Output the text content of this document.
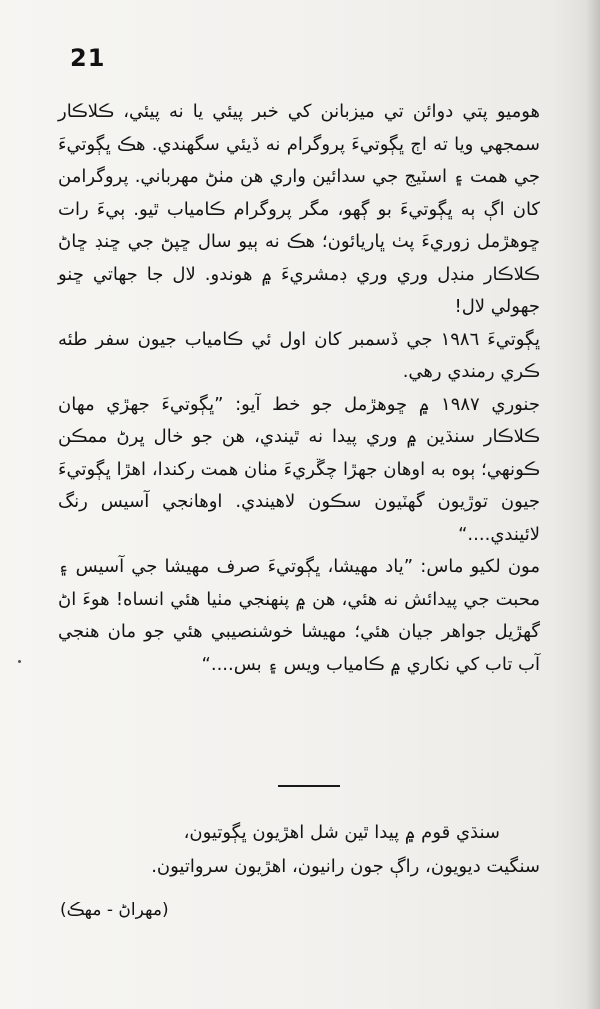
21

هوميو پتي دوائن تي ميزبانن کي خبر پيئي يا نه پيئي، ڪلاڪار سمجهي ويا ته اڄ ڀڳوتيءَ پروگرام نه ڏيئي سگهندي. هڪ ڀڳوتيءَ جي همت ۽ اسٽيج جي سدائين واري هن مٺڻ مهرباني. پروگرامن کان اڳ ٻه ڀڳوتيءَ بو ڳهو، مگر پروگرام ڪامياب ٿيو. ٻيءَ رات ڇوهڙمل زوريءَ پٺ ڀاريائون؛ هڪ نه ٻيو سال ڇپڻ جي ڇنڊ ڇاڻ ڪلاڪار منڊل وري وري ڊمشريءَ ۾ هوندو. لال جا جهاتي ڇنو جهولي لال!

ڀڳوتيءَ ١٩٨٦ جي ڏسمبر کان اول ئي ڪامياب جيون سفر طئه ڪري رمندي رهي.

جنوري ١٩٨٧ ۾ ڇوهڙمل جو خط آيو: ”ڀڳوتيءَ جهڙي مهان ڪلاڪار سنڌين ۾ وري پيدا نه ٿيندي، هن جو خال ڀرڻ ممڪن ڪونهي؛ ٻوه به اوهان جهڙا چڱريءَ مٺان همت رکندا، اهڙا ڀڳوتيءَ جيون توڙيون گهٽيون سڪون لاهيندي. اوهانجي آسيس رنگ لائيندي....“

مون لکيو ماس: ”ياد مهيشا، ڀڳوتيءَ صرف مهيشا جي آسيس ۽ محبت جي پيدائش نه هئي، هن ۾ پنهنجي مٺيا هئي انساه! هوءَ اڻ گهڙيل جواهر جيان هئي؛ مهيشا خوشنصيبي هئي جو مان هنجي آب تاب کي نکاري ۾ ڪامياب ويس ۽ بس....“

سنڌي قوم ۾ پيدا ٿين شل اهڙيون ڀڳوتيون،
سنگيت ديويون، راڳ جون رانيون، اهڙيون سرواتيون.
(مهراڻ - مهڪ)
